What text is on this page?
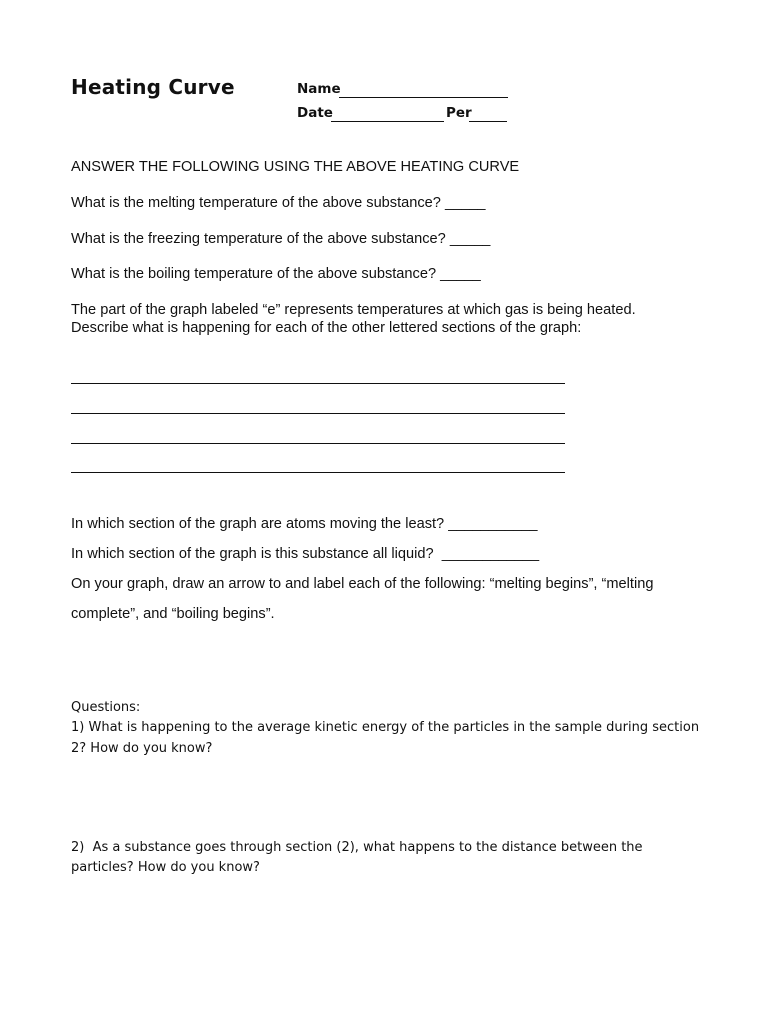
Heating Curve	Name
Date	Per
ANSWER THE FOLLOWING USING THE ABOVE HEATING CURVE
What is the melting temperature of the above substance? _____
What is the freezing temperature of the above substance? _____
What is the boiling temperature of the above substance? _____
The part of the graph labeled “e” represents temperatures at which gas is being heated.
Describe what is happening for each of the other lettered sections of the graph:
In which section of the graph are atoms moving the least? ___________
In which section of the graph is this substance all liquid?  ____________
On your graph, draw an arrow to and label each of the following: “melting begins”, “melting
complete”, and “boiling begins”.
Questions:
1) What is happening to the average kinetic energy of the particles in the sample during section
2? How do you know?
2)  As a substance goes through section (2), what happens to the distance between the
particles? How do you know?
